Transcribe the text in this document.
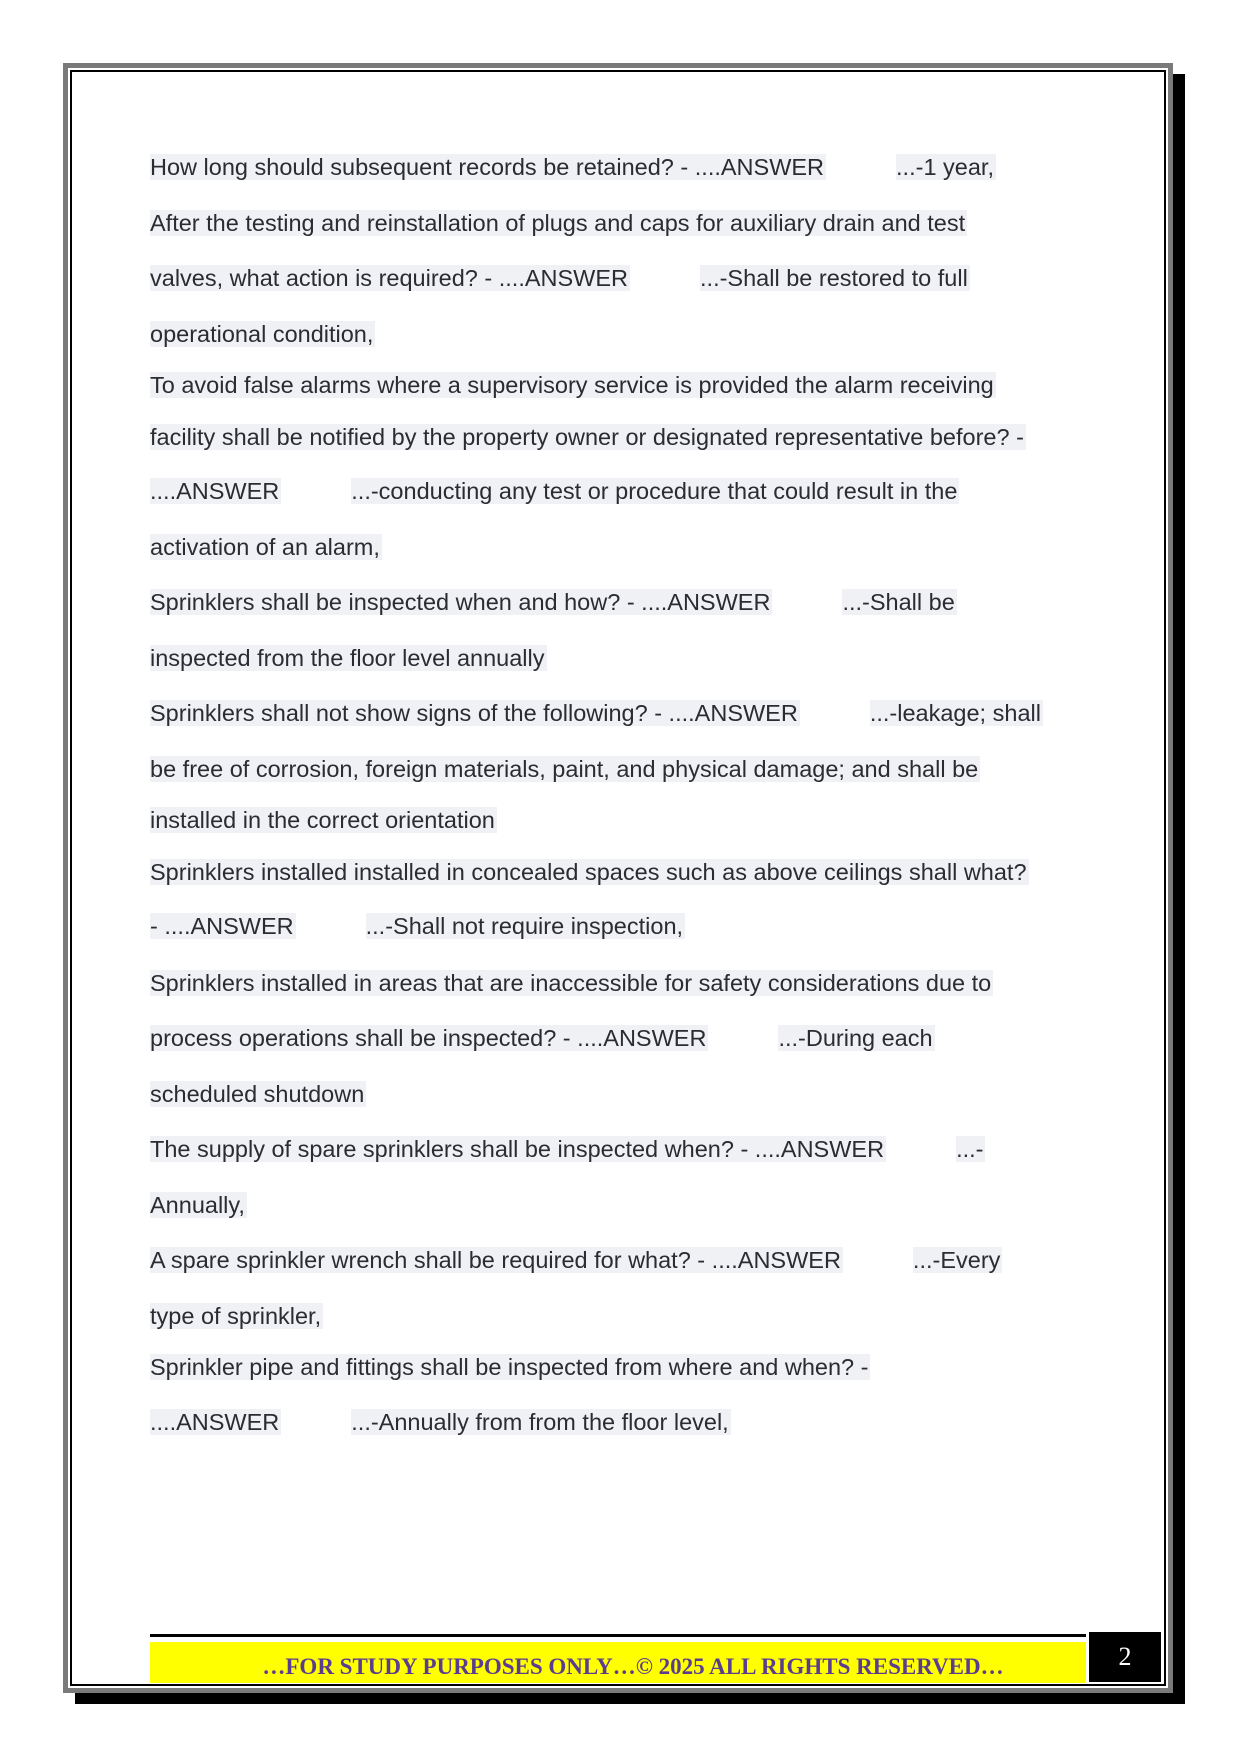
How long should subsequent records be retained? - ....ANSWER	...-1 year,
After the testing and reinstallation of plugs and caps for auxiliary drain and test
valves, what action is required? - ....ANSWER	...-Shall be restored to full
operational condition,
To avoid false alarms where a supervisory service is provided the alarm receiving
facility shall be notified by the property owner or designated representative before? -
....ANSWER	...-conducting any test or procedure that could result in the
activation of an alarm,
Sprinklers shall be inspected when and how? - ....ANSWER	...-Shall be
inspected from the floor level annually
Sprinklers shall not show signs of the following? - ....ANSWER	...-leakage; shall
be free of corrosion, foreign materials, paint, and physical damage; and shall be
installed in the correct orientation
Sprinklers installed installed in concealed spaces such as above ceilings shall what?
- ....ANSWER	...-Shall not require inspection,
Sprinklers installed in areas that are inaccessible for safety considerations due to
process operations shall be inspected? - ....ANSWER	...-During each
scheduled shutdown
The supply of spare sprinklers shall be inspected when? - ....ANSWER	...-
Annually,
A spare sprinkler wrench shall be required for what? - ....ANSWER	...-Every
type of sprinkler,
Sprinkler pipe and fittings shall be inspected from where and when? -
....ANSWER	...-Annually from from the floor level,
…FOR STUDY PURPOSES ONLY…© 2025 ALL RIGHTS RESERVED…	2
